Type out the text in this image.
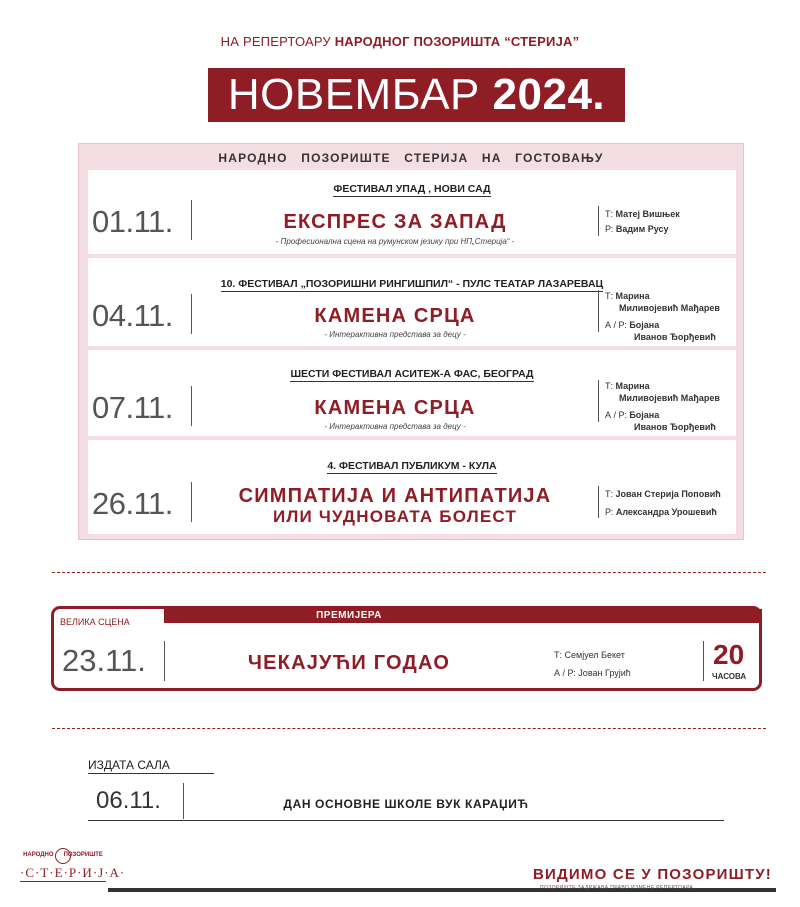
НА РЕПЕРТОАРУ НАРОДНОГ ПОЗОРИШТА “СТЕРИЈА”
НОВЕМБАР 2024.
НАРОДНО ПОЗОРИШТЕ СТЕРИЈА НА ГОСТОВАЊУ
ФЕСТИВАЛ УПАД , НОВИ САД
01.11.	ЕКСПРЕС ЗА ЗАПАД
- Професионална сцена на румунском језику при НП„Стерија“ -
Т: Матеј Вишњек
Р: Вадим Русу
10. ФЕСТИВАЛ „ПОЗОРИШНИ РИНГИШПИЛ“ - ПУЛС ТЕАТАР ЛАЗАРЕВАЦ
04.11.	КАМЕНА СРЦА
- Интерактивна представа за децу -
Т: Марина
Миливојевић Мађарев
А / Р: Бојана
Иванов Ђорђевић
ШЕСТИ ФЕСТИВАЛ АСИТЕЖ-А ФАС, БЕОГРАД
07.11.	КАМЕНА СРЦА
- Интерактивна представа за децу -
Т: Марина
Миливојевић Мађарев
А / Р: Бојана
Иванов Ђорђевић
4. ФЕСТИВАЛ ПУБЛИКУМ - КУЛА
26.11.	СИМПАТИЈА И АНТИПАТИЈА
ИЛИ ЧУДНОВАТА БОЛЕСТ
Т: Јован Стерија Поповић
Р: Александра Урошевић
ВЕЛИКА СЦЕНА
ПРЕМИЈЕРА
23.11.	ЧЕКАЈУЋИ ГОДАО	Т: Семјуел Бекет
А / Р: Јован Грујић
20
ЧАСОВА
ИЗДАТА САЛА
06.11.	ДАН ОСНОВНЕ ШКОЛЕ ВУК КАРАЏИЋ
НАРОДНО ПОЗОРИШТЕ
·С·Т·Е·Р·И·Ј·А·	ВИДИМО СЕ У ПОЗОРИШТУ!
ПОЗОРИШТЕ ЗАДРЖАВА ПРАВО ИЗМЕНЕ РЕПЕРТОАРА.
